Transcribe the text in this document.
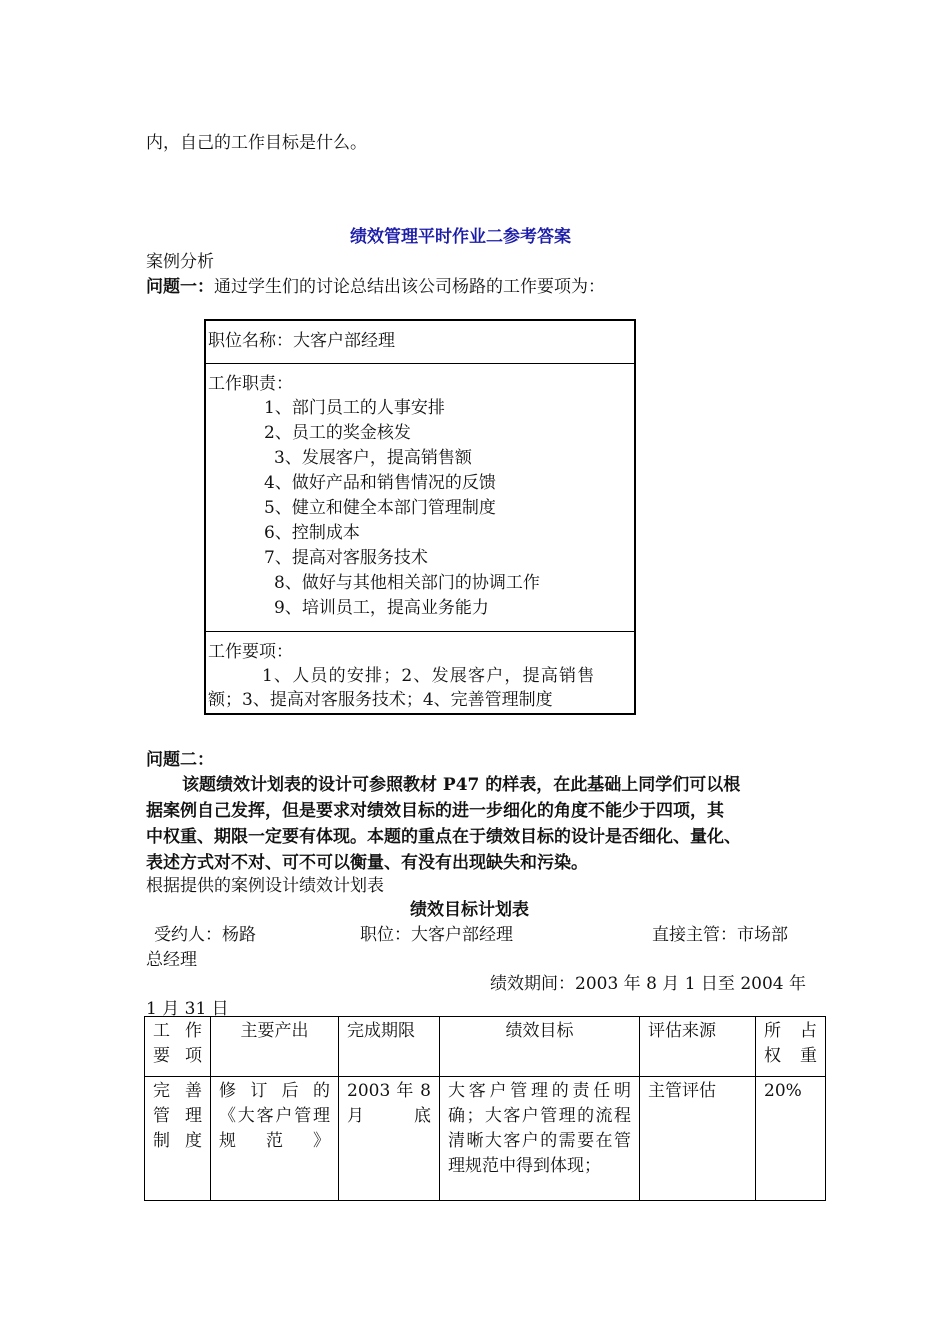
内，自己的工作目标是什么。
绩效管理平时作业二参考答案
案例分析
问题一：通过学生们的讨论总结出该公司杨路的工作要项为：
职位名称：大客户部经理
工作职责：
1、部门员工的人事安排
2、员工的奖金核发
3、发展客户，提高销售额
4、做好产品和销售情况的反馈
5、健立和健全本部门管理制度
6、控制成本
7、提高对客服务技术
8、做好与其他相关部门的协调工作
9、培训员工，提高业务能力
工作要项：
1、人员的安排；2、发展客户，提高销售
额；3、提高对客服务技术；4、完善管理制度
问题二：
该题绩效计划表的设计可参照教材 P47 的样表，在此基础上同学们可以根
据案例自己发挥，但是要求对绩效目标的进一步细化的角度不能少于四项，其
中权重、期限一定要有体现。本题的重点在于绩效目标的设计是否细化、量化、
表述方式对不对、可不可以衡量、有没有出现缺失和污染。
根据提供的案例设计绩效计划表
绩效目标计划表
受约人：杨路	职位：大客户部经理	直接主管：市场部
总经理
绩效期间：2003 年 8 月 1 日至 2004 年
1 月 31 日
工 作 要项	主要产出	完成期限	绩效目标	评估来源	所 占 权重
完 善 管 理 制度	修 订 后 的《大客户管理规范》	2003 年 8 月底	大客户管理的责任明确；大客户管理的流程清晰大客户的需要在管理规范中得到体现；	主管评估	20%
